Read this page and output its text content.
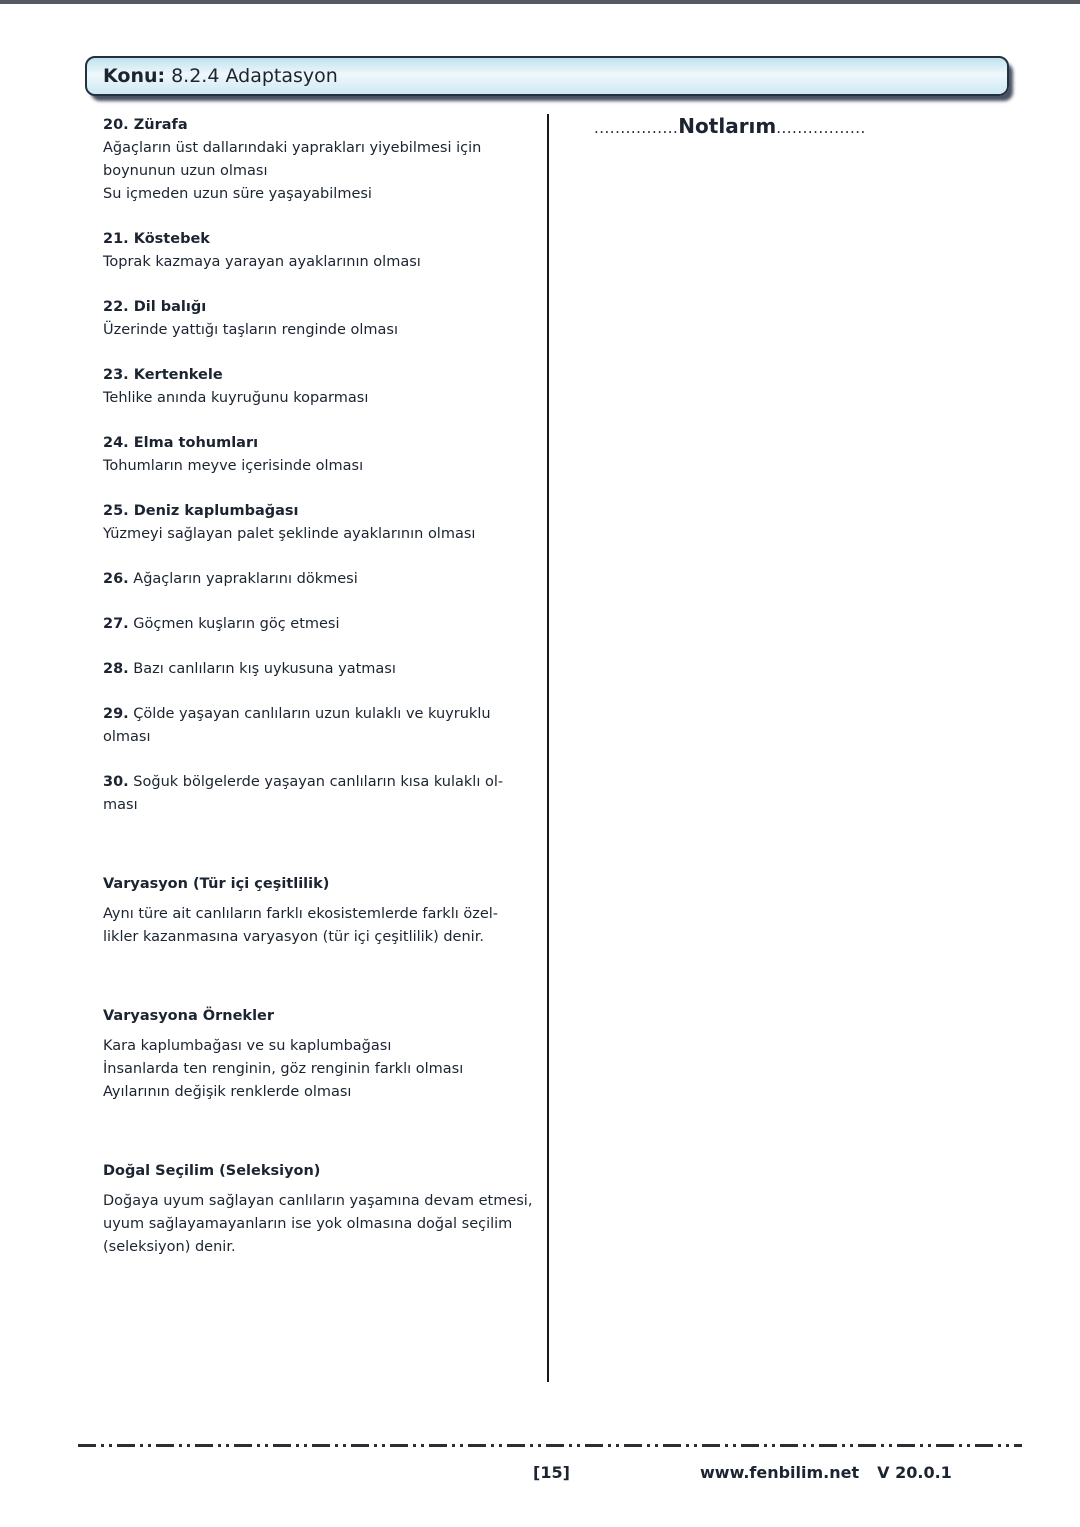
Konu: 8.2.4 Adaptasyon
20. Zürafa
Ağaçların üst dallarındaki yaprakları yiyebilmesi için
boynunun uzun olması
Su içmeden uzun süre yaşayabilmesi
21. Köstebek
Toprak kazmaya yarayan ayaklarının olması
22. Dil balığı
Üzerinde yattığı taşların renginde olması
23. Kertenkele
Tehlike anında kuyruğunu koparması
24. Elma tohumları
Tohumların meyve içerisinde olması
25. Deniz kaplumbağası
Yüzmeyi sağlayan palet şeklinde ayaklarının olması
26. Ağaçların yapraklarını dökmesi
27. Göçmen kuşların göç etmesi
28. Bazı canlıların kış uykusuna yatması
29. Çölde yaşayan canlıların uzun kulaklı ve kuyruklu
olması
30. Soğuk bölgelerde yaşayan canlıların kısa kulaklı ol-
ması
Varyasyon (Tür içi çeşitlilik)
Aynı türe ait canlıların farklı ekosistemlerde farklı özel-
likler kazanmasına varyasyon (tür içi çeşitlilik) denir.
Varyasyona Örnekler
Kara kaplumbağası ve su kaplumbağası
İnsanlarda ten renginin, göz renginin farklı olması
Ayılarının değişik renklerde olması
Doğal Seçilim (Seleksiyon)
Doğaya uyum sağlayan canlıların yaşamına devam etmesi,
uyum sağlayamayanların ise yok olmasına doğal seçilim
(seleksiyon) denir.
................Notlarım.................
[15]	www.fenbilim.net V 20.0.1
